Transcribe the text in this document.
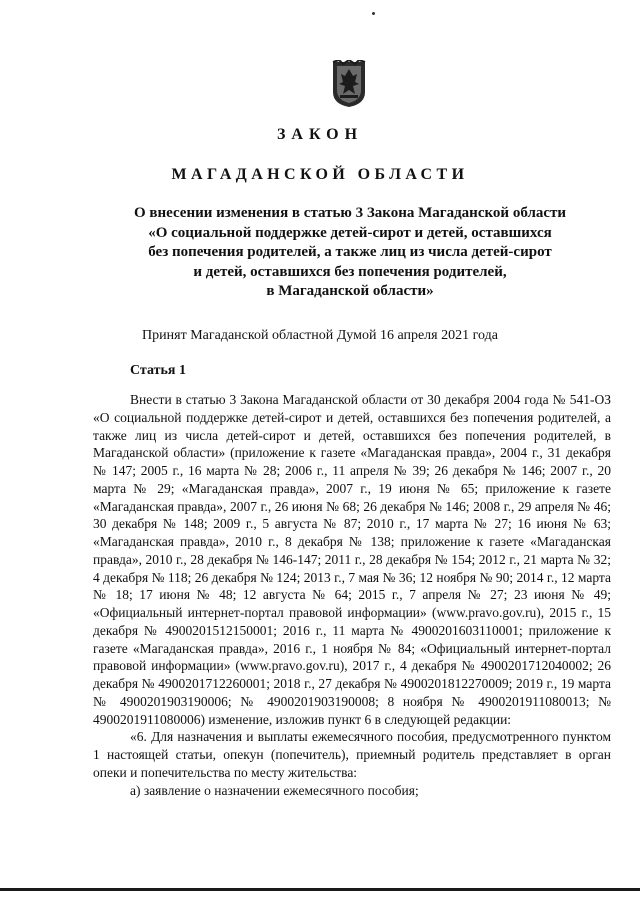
ЗАКОН
МАГАДАНСКОЙ ОБЛАСТИ
О внесении изменения в статью 3 Закона Магаданской области
«О социальной поддержке детей-сирот и детей, оставшихся
без попечения родителей, а также лиц из числа детей-сирот
и детей, оставшихся без попечения родителей,
в Магаданской области»
Принят Магаданской областной Думой 16 апреля 2021 года
Статья 1

Внести в статью 3 Закона Магаданской области от 30 декабря 2004 года № 541-ОЗ «О социальной поддержке детей-сирот и детей, оставшихся без попечения родителей, а также лиц из числа детей-сирот и детей, оставшихся без попечения родителей, в Магаданской области» (приложение к газете «Магаданская правда», 2004 г., 31 декабря № 147; 2005 г., 16 марта № 28; 2006 г., 11 апреля № 39; 26 декабря № 146; 2007 г., 20 марта № 29; «Магаданская правда», 2007 г., 19 июня № 65; приложение к газете «Магаданская правда», 2007 г., 26 июня № 68; 26 декабря № 146; 2008 г., 29 апреля № 46; 30 декабря № 148; 2009 г., 5 августа № 87; 2010 г., 17 марта № 27; 16 июня № 63; «Магаданская правда», 2010 г., 8 декабря № 138; приложение к газете «Магаданская правда», 2010 г., 28 декабря № 146-147; 2011 г., 28 декабря № 154; 2012 г., 21 марта № 32; 4 декабря № 118; 26 декабря № 124; 2013 г., 7 мая № 36; 12 ноября № 90; 2014 г., 12 марта № 18; 17 июня № 48; 12 августа № 64; 2015 г., 7 апреля № 27; 23 июня № 49; «Официальный интернет-портал правовой информации» (www.pravo.gov.ru), 2015 г., 15 декабря № 4900201512150001; 2016 г., 11 марта № 4900201603110001; приложение к газете «Магаданская правда», 2016 г., 1 ноября № 84; «Официальный интернет-портал правовой информации» (www.pravo.gov.ru), 2017 г., 4 декабря № 4900201712040002; 26 декабря № 4900201712260001; 2018 г., 27 декабря № 4900201812270009; 2019 г., 19 марта № 4900201903190006; № 4900201903190008; 8 ноября № 4900201911080013; № 4900201911080006) изменение, изложив пункт 6 в следующей редакции:

«6. Для назначения и выплаты ежемесячного пособия, предусмотренного пунктом 1 настоящей статьи, опекун (попечитель), приемный родитель представляет в орган опеки и попечительства по месту жительства:

а) заявление о назначении ежемесячного пособия;
